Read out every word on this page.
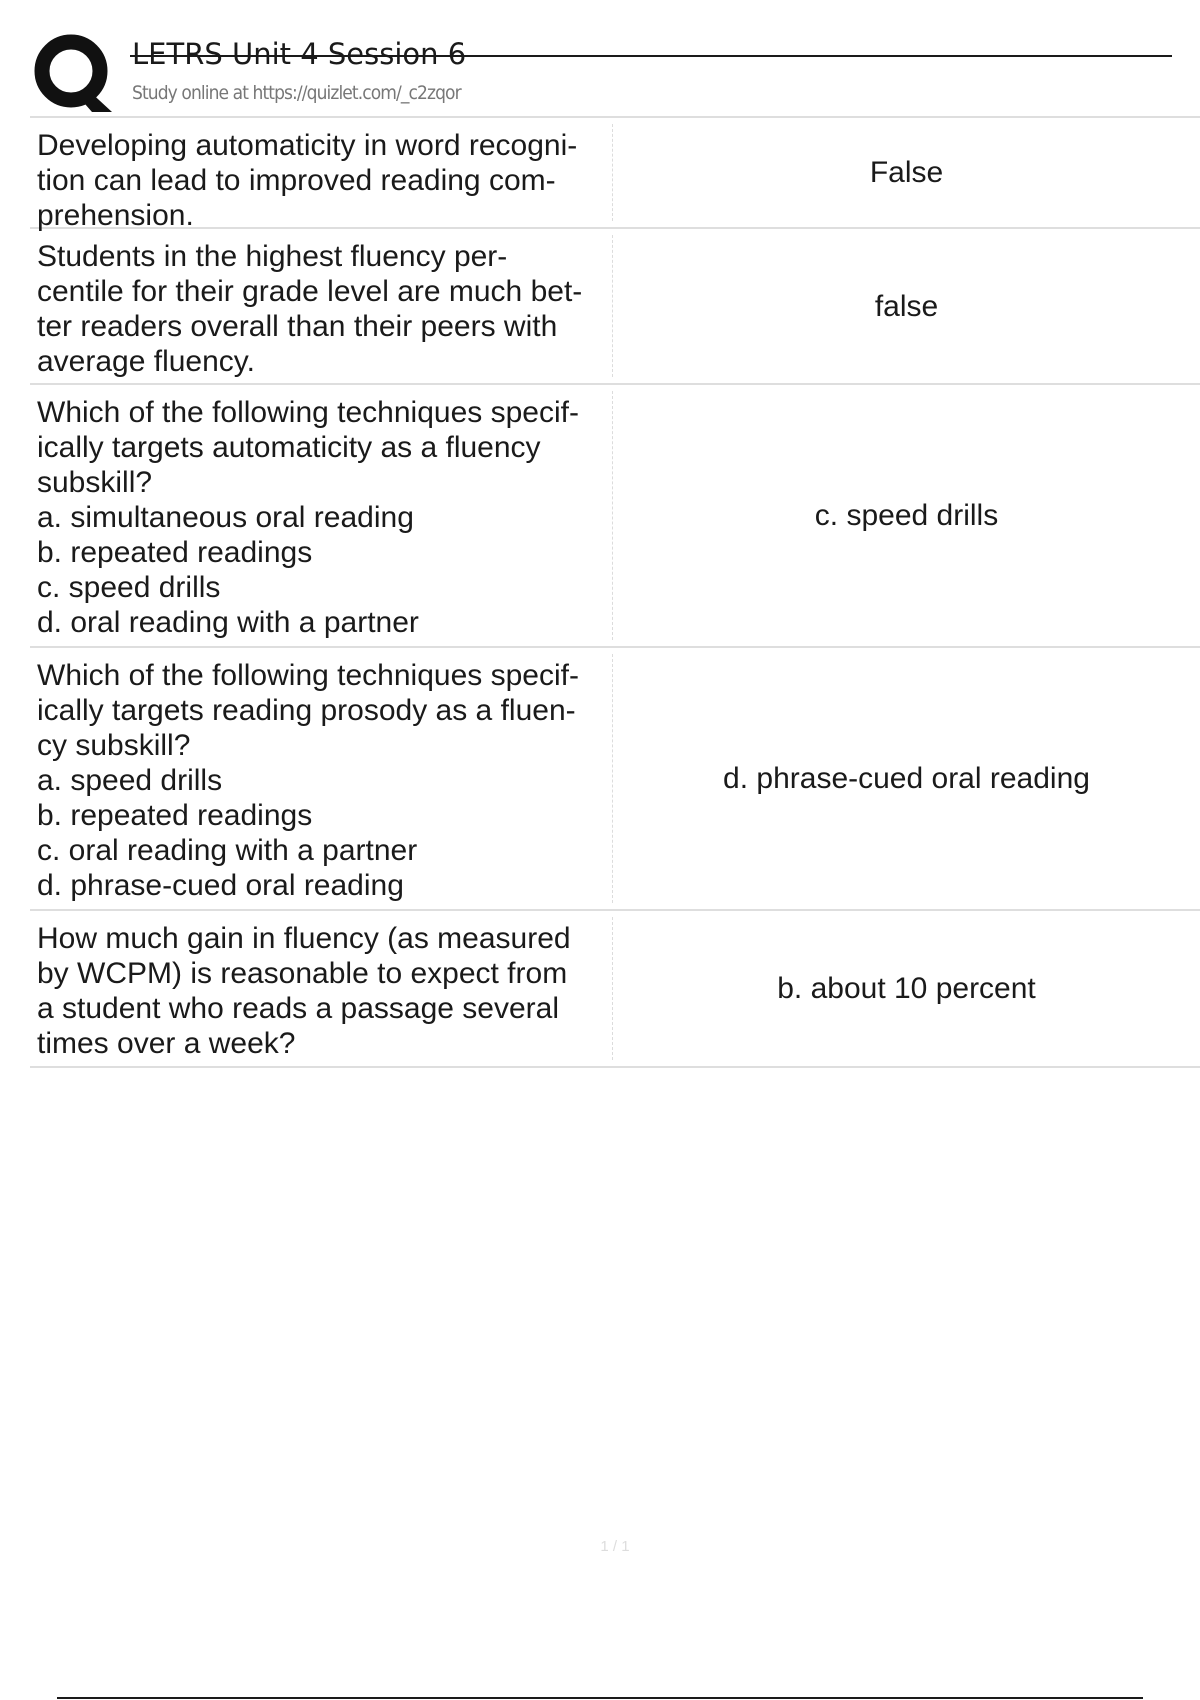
LETRS Unit 4 Session 6
Study online at https://quizlet.com/_c2zqor
Developing automaticity in word recogni-
tion can lead to improved reading com-
prehension.
False
Students in the highest fluency per-
centile for their grade level are much bet-
ter readers overall than their peers with
average fluency.
false
Which of the following techniques specif-
ically targets automaticity as a fluency
subskill?
a. simultaneous oral reading
b. repeated readings
c. speed drills
d. oral reading with a partner
c. speed drills
Which of the following techniques specif-
ically targets reading prosody as a fluen-
cy subskill?
a. speed drills
b. repeated readings
c. oral reading with a partner
d. phrase-cued oral reading
d. phrase-cued oral reading
How much gain in fluency (as measured
by WCPM) is reasonable to expect from
a student who reads a passage several
times over a week?
b. about 10 percent
1 / 1
